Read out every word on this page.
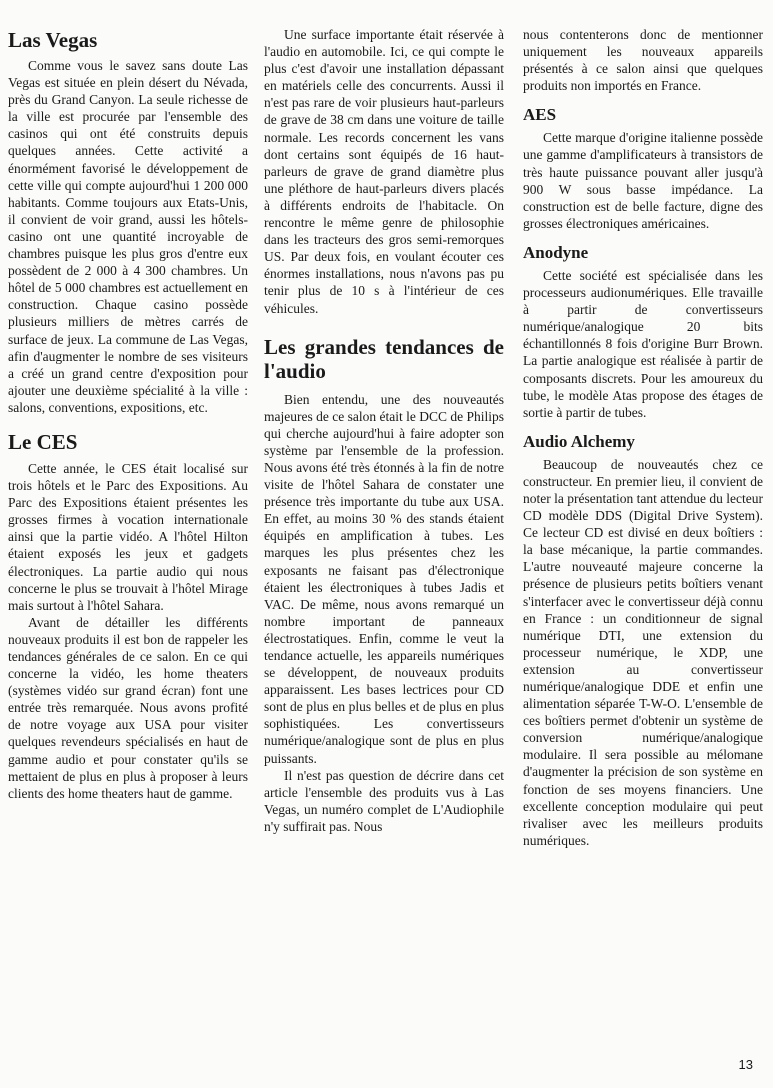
Las Vegas

Comme vous le savez sans doute Las Vegas est située en plein désert du Névada, près du Grand Canyon. La seule richesse de la ville est procurée par l'ensemble des casinos qui ont été construits depuis quelques années. Cette activité a énormément favorisé le développement de cette ville qui compte aujourd'hui 1 200 000 habitants. Comme toujours aux Etats-Unis, il convient de voir grand, aussi les hôtels-casino ont une quantité incroyable de chambres puisque les plus gros d'entre eux possèdent de 2 000 à 4 300 chambres. Un hôtel de 5 000 chambres est actuellement en construction. Chaque casino possède plusieurs milliers de mètres carrés de surface de jeux. La commune de Las Vegas, afin d'augmenter le nombre de ses visiteurs a créé un grand centre d'exposition pour ajouter une deuxième spécialité à la ville : salons, conventions, expositions, etc.

Le CES

Cette année, le CES était localisé sur trois hôtels et le Parc des Expositions. Au Parc des Expositions étaient présentes les grosses firmes à vocation internationale ainsi que la partie vidéo. A l'hôtel Hilton étaient exposés les jeux et gadgets électroniques. La partie audio qui nous concerne le plus se trouvait à l'hôtel Mirage mais surtout à l'hôtel Sahara.

Avant de détailler les différents nouveaux produits il est bon de rappeler les tendances générales de ce salon. En ce qui concerne la vidéo, les home theaters (systèmes vidéo sur grand écran) font une entrée très remarquée. Nous avons profité de notre voyage aux USA pour visiter quelques revendeurs spécialisés en haut de gamme audio et pour constater qu'ils se mettaient de plus en plus à proposer à leurs clients des home theaters haut de gamme.

Une surface importante était réservée à l'audio en automobile. Ici, ce qui compte le plus c'est d'avoir une installation dépassant en matériels celle des concurrents. Aussi il n'est pas rare de voir plusieurs haut-parleurs de grave de 38 cm dans une voiture de taille normale. Les records concernent les vans dont certains sont équipés de 16 haut-parleurs de grave de grand diamètre plus une pléthore de haut-parleurs divers placés à différents endroits de l'habitacle. On rencontre le même genre de philosophie dans les tracteurs des gros semi-remorques US. Par deux fois, en voulant écouter ces énormes installations, nous n'avons pas pu tenir plus de 10 s à l'intérieur de ces véhicules.

Les grandes tendances de l'audio

Bien entendu, une des nouveautés majeures de ce salon était le DCC de Philips qui cherche aujourd'hui à faire adopter son système par l'ensemble de la profession. Nous avons été très étonnés à la fin de notre visite de l'hôtel Sahara de constater une présence très importante du tube aux USA. En effet, au moins 30 % des stands étaient équipés en amplification à tubes. Les marques les plus présentes chez les exposants ne faisant pas d'électronique étaient les électroniques à tubes Jadis et VAC. De même, nous avons remarqué un nombre important de panneaux électrostatiques. Enfin, comme le veut la tendance actuelle, les appareils numériques se développent, de nouveaux produits apparaissent. Les bases lectrices pour CD sont de plus en plus belles et de plus en plus sophistiquées. Les convertisseurs numérique/analogique sont de plus en plus puissants.

Il n'est pas question de décrire dans cet article l'ensemble des produits vus à Las Vegas, un numéro complet de L'Audiophile n'y suffirait pas. Nous

nous contenterons donc de mentionner uniquement les nouveaux appareils présentés à ce salon ainsi que quelques produits non importés en France.

AES

Cette marque d'origine italienne possède une gamme d'amplificateurs à transistors de très haute puissance pouvant aller jusqu'à 900 W sous basse impédance. La construction est de belle facture, digne des grosses électroniques américaines.

Anodyne

Cette société est spécialisée dans les processeurs audionumériques. Elle travaille à partir de convertisseurs numérique/analogique 20 bits échantillonnés 8 fois d'origine Burr Brown. La partie analogique est réalisée à partir de composants discrets. Pour les amoureux du tube, le modèle Atas propose des étages de sortie à partir de tubes.

Audio Alchemy

Beaucoup de nouveautés chez ce constructeur. En premier lieu, il convient de noter la présentation tant attendue du lecteur CD modèle DDS (Digital Drive System). Ce lecteur CD est divisé en deux boîtiers : la base mécanique, la partie commandes. L'autre nouveauté majeure concerne la présence de plusieurs petits boîtiers venant s'interfacer avec le convertisseur déjà connu en France : un conditionneur de signal numérique DTI, une extension du processeur numérique, le XDP, une extension au convertisseur numérique/analogique DDE et enfin une alimentation séparée T-W-O. L'ensemble de ces boîtiers permet d'obtenir un système de conversion numérique/analogique modulaire. Il sera possible au mélomane d'augmenter la précision de son système en fonction de ses moyens financiers. Une excellente conception modulaire qui peut rivaliser avec les meilleurs produits numériques.

13
